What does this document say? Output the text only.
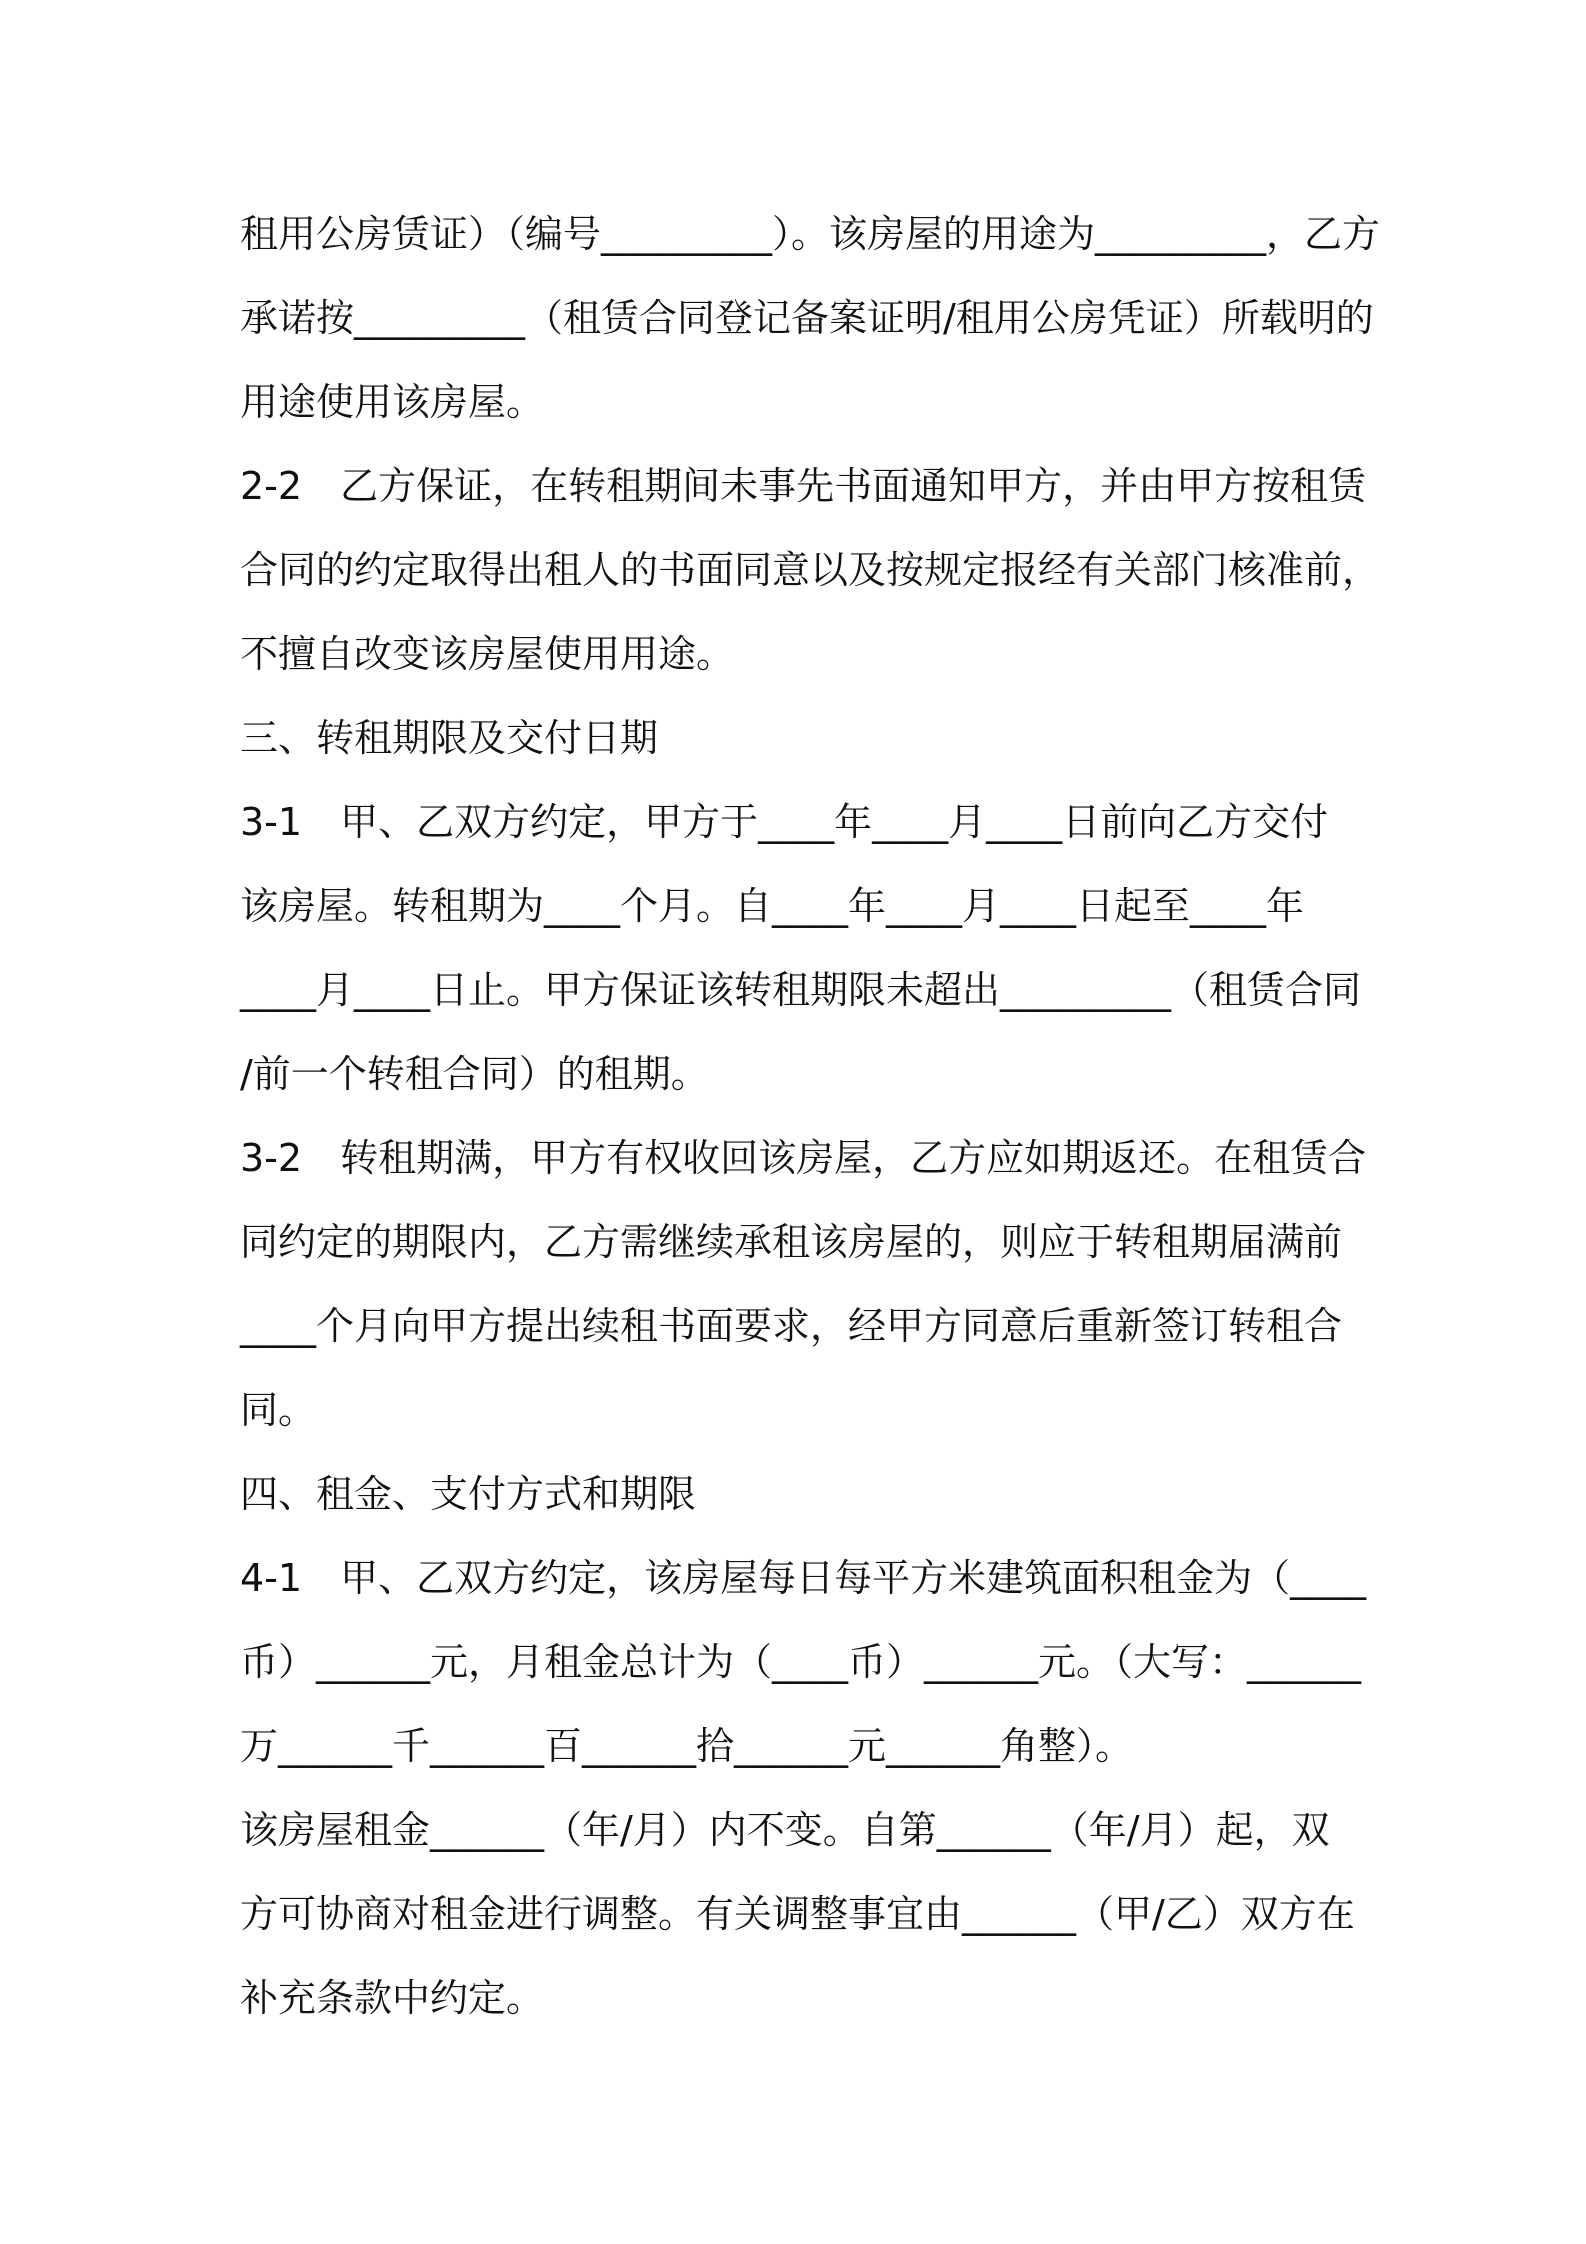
租用公房赁证）（编号_________）。该房屋的用途为_________，乙方
承诺按_________（租赁合同登记备案证明/租用公房凭证）所载明的
用途使用该房屋。
2-2　乙方保证，在转租期间未事先书面通知甲方，并由甲方按租赁
合同的约定取得出租人的书面同意以及按规定报经有关部门核准前，
不擅自改变该房屋使用用途。
三、转租期限及交付日期
3-1　甲、乙双方约定，甲方于____年____月____日前向乙方交付
该房屋。转租期为____个月。自____年____月____日起至____年
____月____日止。甲方保证该转租期限未超出_________（租赁合同
/前一个转租合同）的租期。
3-2　转租期满，甲方有权收回该房屋，乙方应如期返还。在租赁合
同约定的期限内，乙方需继续承租该房屋的，则应于转租期届满前
____个月向甲方提出续租书面要求，经甲方同意后重新签订转租合
同。
四、租金、支付方式和期限
4-1　甲、乙双方约定，该房屋每日每平方米建筑面积租金为（____
币）______元，月租金总计为（____币）______元。（大写：______
万______千______百______拾______元______角整）。
该房屋租金______（年/月）内不变。自第______（年/月）起，双
方可协商对租金进行调整。有关调整事宜由______（甲/乙）双方在
补充条款中约定。
